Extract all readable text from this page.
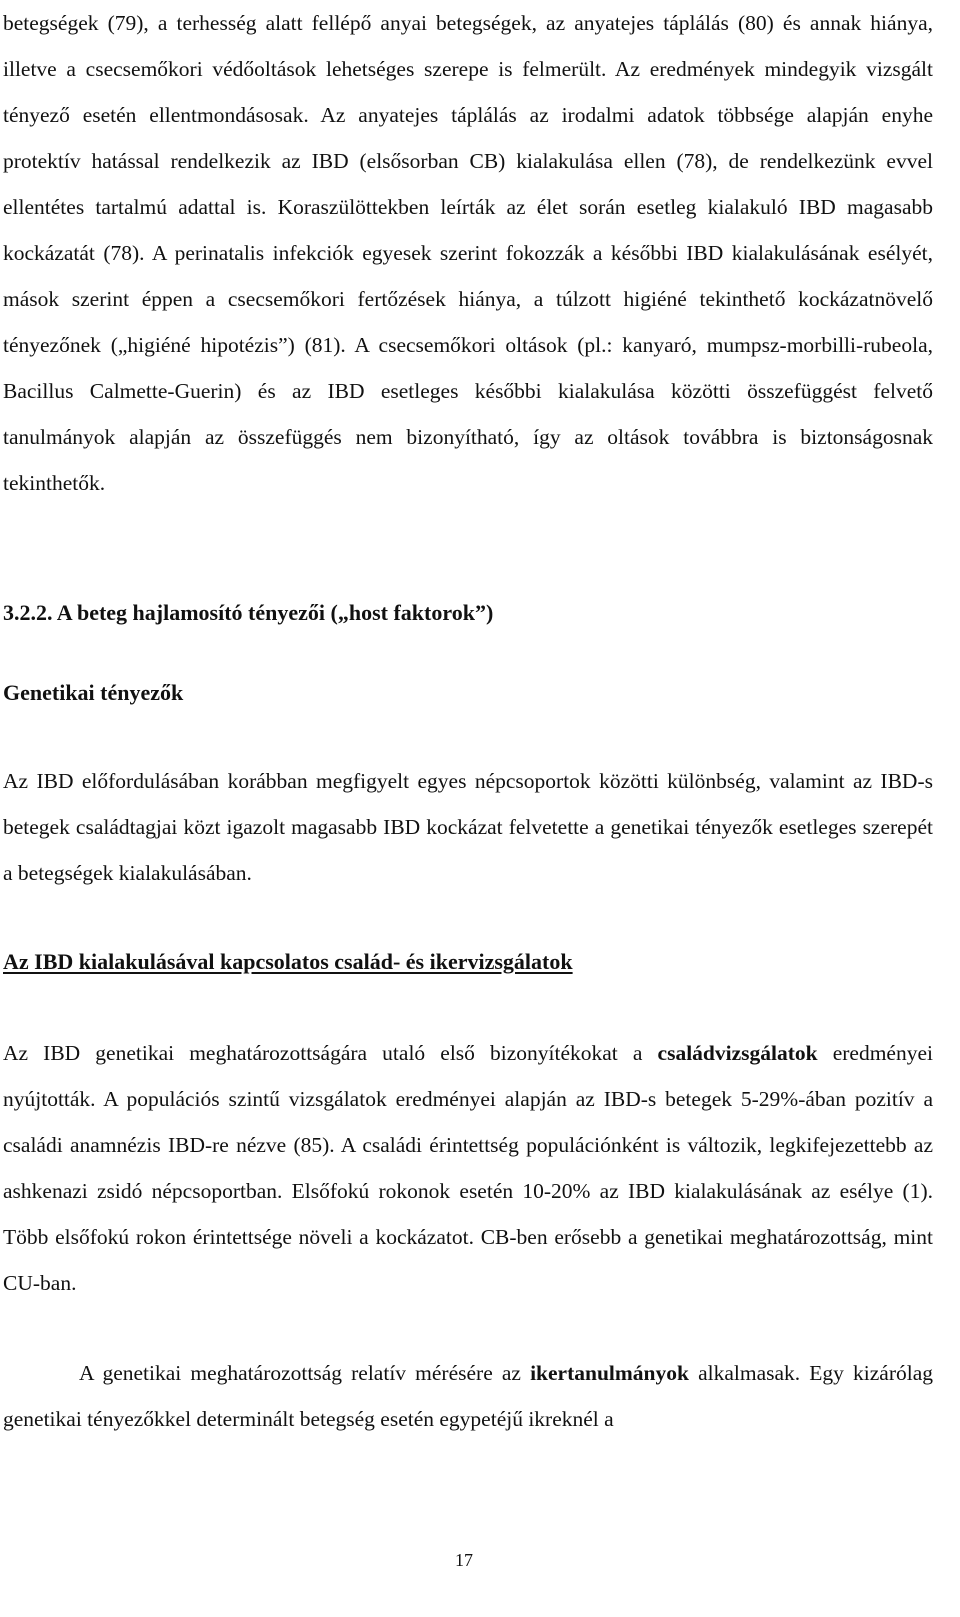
betegségek (79), a terhesség alatt fellépő anyai betegségek, az anyatejes táplálás (80) és annak hiánya, illetve a csecsemőkori védőoltások lehetséges szerepe is felmerült. Az eredmények mindegyik vizsgált tényező esetén ellentmondásosak. Az anyatejes táplálás az irodalmi adatok többsége alapján enyhe protektív hatással rendelkezik az IBD (elsősorban CB) kialakulása ellen (78), de rendelkezünk evvel ellentétes tartalmú adattal is. Koraszülöttekben leírták az élet során esetleg kialakuló IBD magasabb kockázatát (78). A perinatalis infekciók egyesek szerint fokozzák a későbbi IBD kialakulásának esélyét, mások szerint éppen a csecsemőkori fertőzések hiánya, a túlzott higiéné tekinthető kockázatnövelő tényezőnek („higiéné hipotézis”) (81). A csecsemőkori oltások (pl.: kanyaró, mumpsz-morbilli-rubeola, Bacillus Calmette-Guerin) és az IBD esetleges későbbi kialakulása közötti összefüggést felvető tanulmányok alapján az összefüggés nem bizonyítható, így az oltások továbbra is biztonságosnak tekinthetők.

3.2.2. A beteg hajlamosító tényezői („host faktorok”)
Genetikai tényezők

Az IBD előfordulásában korábban megfigyelt egyes népcsoportok közötti különbség, valamint az IBD-s betegek családtagjai közt igazolt magasabb IBD kockázat felvetette a genetikai tényezők esetleges szerepét a betegségek kialakulásában.

Az IBD kialakulásával kapcsolatos család- és ikervizsgálatok

Az IBD genetikai meghatározottságára utaló első bizonyítékokat a családvizsgálatok eredményei nyújtották. A populációs szintű vizsgálatok eredményei alapján az IBD-s betegek 5-29%-ában pozitív a családi anamnézis IBD-re nézve (85). A családi érintettség populációnként is változik, legkifejezettebb az ashkenazi zsidó népcsoportban. Elsőfokú rokonok esetén 10-20% az IBD kialakulásának az esélye (1). Több elsőfokú rokon érintettsége növeli a kockázatot. CB-ben erősebb a genetikai meghatározottság, mint CU-ban.

A genetikai meghatározottság relatív mérésére az ikertanulmányok alkalmasak. Egy kizárólag genetikai tényezőkkel determinált betegség esetén egypetéjű ikreknél a

17
